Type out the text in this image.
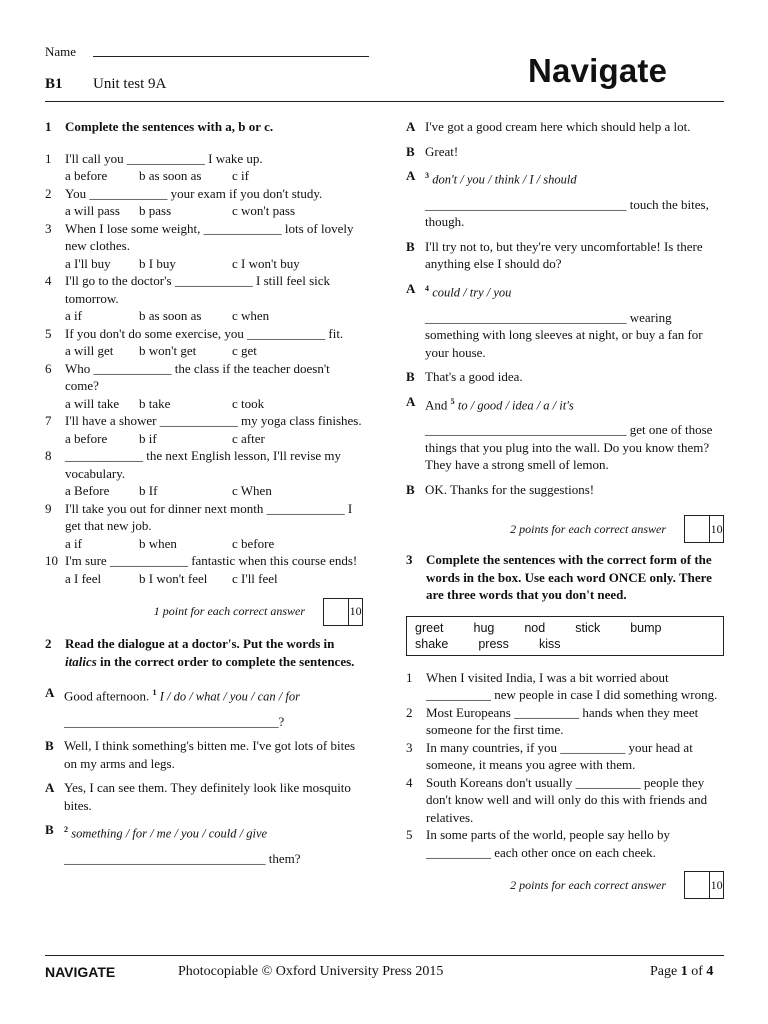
Name
B1 Unit test 9A	Navigate
1	Complete the sentences with a, b or c.
1	I'll call you ____________ I wake up.
a before	b as soon as	c if
2	You ____________ your exam if you don't study.
a will pass	b pass	c won't pass
3	When I lose some weight, ____________ lots of lovely new clothes.
a I'll buy	b I buy	c I won't buy
4	I'll go to the doctor's ____________ I still feel sick tomorrow.
a if	b as soon as	c when
5	If you don't do some exercise, you ____________ fit.
a will get	b won't get	c get
6	Who ____________ the class if the teacher doesn't come?
a will take	b take	c took
7	I'll have a shower ____________ my yoga class finishes.
a before	b if	c after
8	____________ the next English lesson, I'll revise my vocabulary.
a Before	b If	c When
9	I'll take you out for dinner next month ____________ I get that new job.
a if	b when	c before
10 I'm sure ____________ fantastic when this course ends!
a I feel	b I won't feel	c I'll feel
1 point for each correct answer	10
2	Read the dialogue at a doctor's. Put the words in italics in the correct order to complete the sentences.
A Good afternoon. $^1$ I / do / what / you / can / for
_________________________________?
B Well, I think something's bitten me. I've got lots of bites on my arms and legs.
A Yes, I can see them. They definitely look like mosquito bites.
B	$^2$ something / for / me / you / could / give
_______________________________ them?
A I've got a good cream here which should help a lot.
B Great!
A	$^3$ don't / you / think / I / should
_______________________________ touch the bites, though.
B I'll try not to, but they're very uncomfortable! Is there anything else I should do?
A	$^4$ could / try / you
_______________________________ wearing something with long sleeves at night, or buy a fan for your house.
B That's a good idea.
A And $^5$ to / good / idea / a / it's
_______________________________ get one of those things that you plug into the wall. Do you know them? They have a strong smell of lemon.
B OK. Thanks for the suggestions!
2 points for each correct answer	10
3	Complete the sentences with the correct form of the words in the box. Use each word ONCE only. There are three words that you don't need.
greet hug nod stick bump
shake press kiss
1	When I visited India, I was a bit worried about __________ new people in case I did something wrong.
2	Most Europeans __________ hands when they meet someone for the first time.
3	In many countries, if you __________ your head at someone, it means you agree with them.
4	South Koreans don't usually __________ people they don't know well and will only do this with friends and relatives.
5	In some parts of the world, people say hello by __________ each other once on each cheek.
2 points for each correct answer	10
NAVIGATE	Photocopiable © Oxford University Press 2015	Page 1 of 4
